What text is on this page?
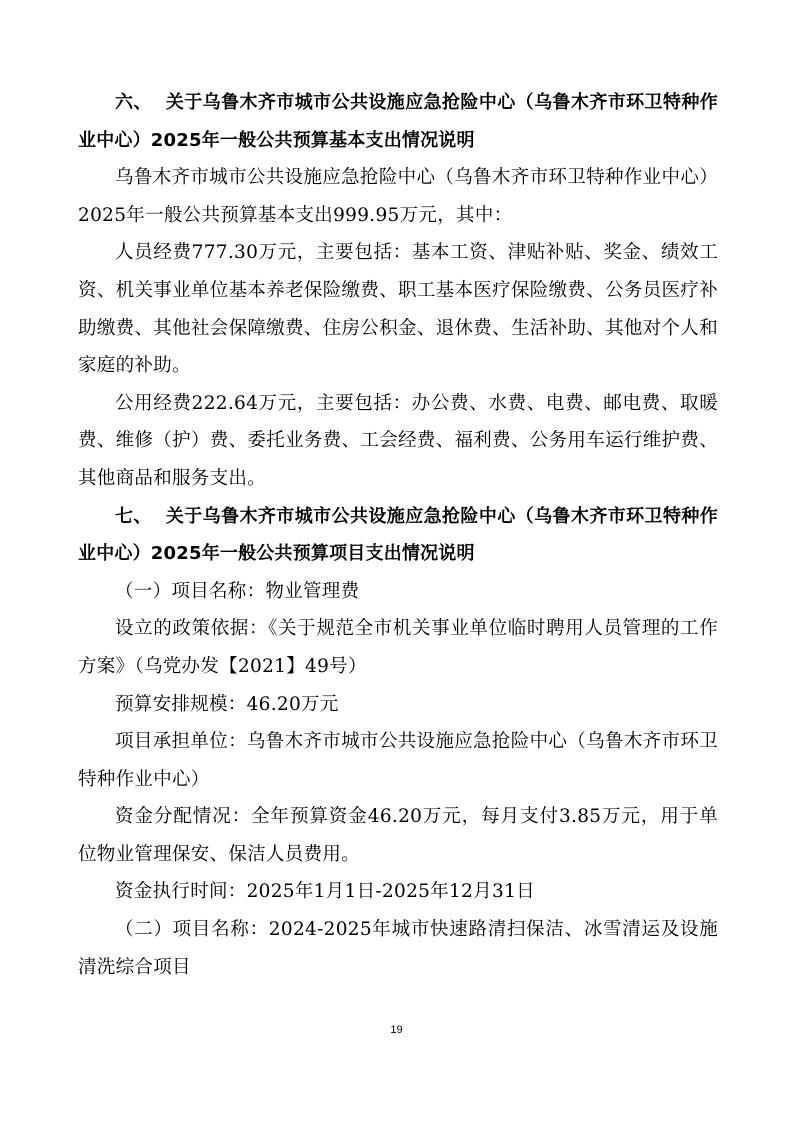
六、 关于乌鲁木齐市城市公共设施应急抢险中心（乌鲁木齐市环卫特种作业中心）2025年一般公共预算基本支出情况说明

乌鲁木齐市城市公共设施应急抢险中心（乌鲁木齐市环卫特种作业中心）2025年一般公共预算基本支出999.95万元，其中：

人员经费777.30万元，主要包括：基本工资、津贴补贴、奖金、绩效工资、机关事业单位基本养老保险缴费、职工基本医疗保险缴费、公务员医疗补助缴费、其他社会保障缴费、住房公积金、退休费、生活补助、其他对个人和家庭的补助。

公用经费222.64万元，主要包括：办公费、水费、电费、邮电费、取暖费、维修（护）费、委托业务费、工会经费、福利费、公务用车运行维护费、其他商品和服务支出。

七、 关于乌鲁木齐市城市公共设施应急抢险中心（乌鲁木齐市环卫特种作业中心）2025年一般公共预算项目支出情况说明

（一）项目名称：物业管理费

设立的政策依据：《关于规范全市机关事业单位临时聘用人员管理的工作方案》（乌党办发【2021】49号）

预算安排规模：46.20万元

项目承担单位：乌鲁木齐市城市公共设施应急抢险中心（乌鲁木齐市环卫特种作业中心）

资金分配情况：全年预算资金46.20万元，每月支付3.85万元，用于单位物业管理保安、保洁人员费用。

资金执行时间：2025年1月1日-2025年12月31日

（二）项目名称：2024-2025年城市快速路清扫保洁、冰雪清运及设施清洗综合项目

19
